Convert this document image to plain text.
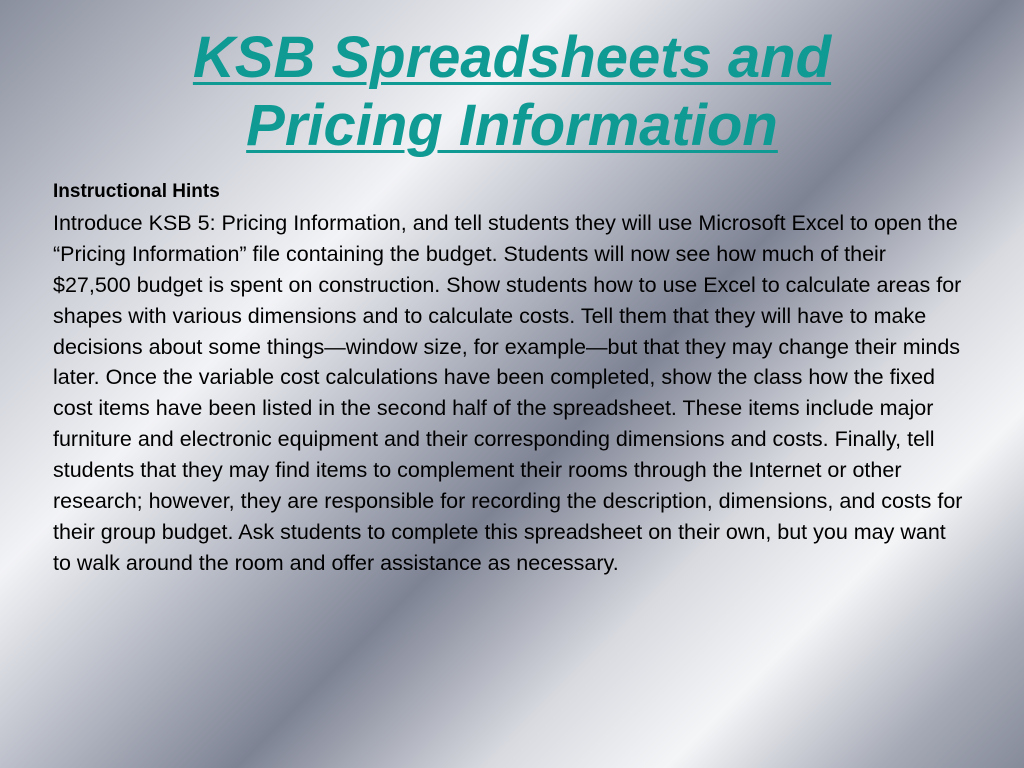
KSB Spreadsheets and
Pricing Information
Instructional Hints
Introduce KSB 5: Pricing Information, and tell students they will use Microsoft Excel to open the “Pricing Information” file containing the budget. Students will now see how much of their $27,500 budget is spent on construction. Show students how to use Excel to calculate areas for shapes with various dimensions and to calculate costs. Tell them that they will have to make decisions about some things—window size, for example—but that they may change their minds later. Once the variable cost calculations have been completed, show the class how the fixed cost items have been listed in the second half of the spreadsheet. These items include major furniture and electronic equipment and their corresponding dimensions and costs. Finally, tell students that they may find items to complement their rooms through the Internet or other research; however, they are responsible for recording the description, dimensions, and costs for their group budget. Ask students to complete this spreadsheet on their own, but you may want to walk around the room and offer assistance as necessary.
